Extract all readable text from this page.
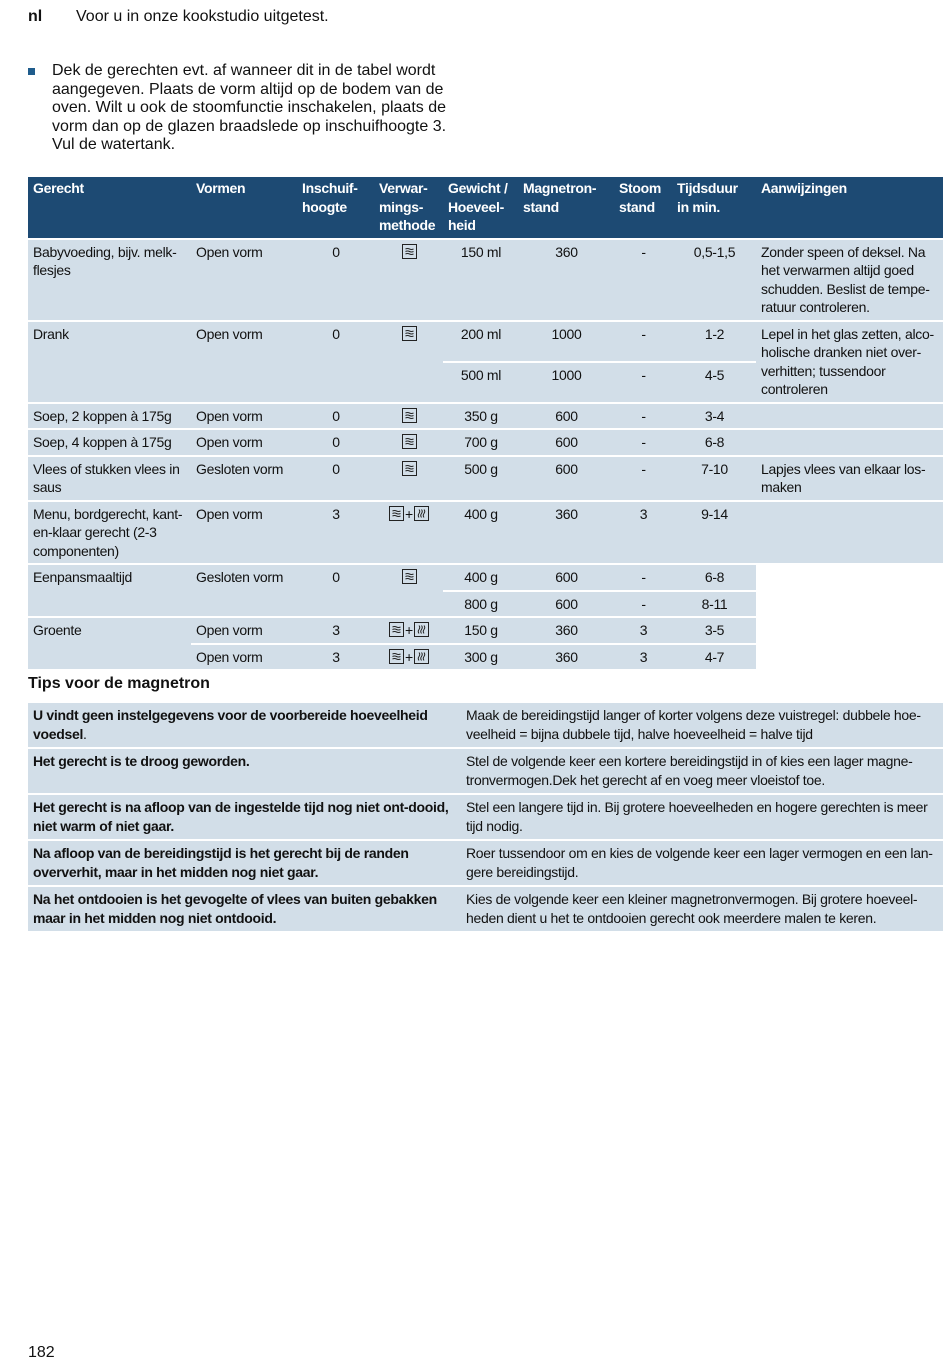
nl Voor u in onze kookstudio uitgetest.
Dek de gerechten evt. af wanneer dit in de tabel wordt aangegeven. Plaats de vorm altijd op de bodem van de oven. Wilt u ook de stoomfunctie inschakelen, plaats de vorm dan op de glazen braadslede op inschuifhoogte 3. Vul de watertank.
Gerecht	Vormen	Inschuif-hoogte	Verwar-mings-methode	Gewicht / Hoeveel-heid	Magnetron-stand	Stoom stand	Tijdsduur in min.	Aanwijzingen
Babyvoeding, bijv. melk-flesjes	Open vorm	0		150 ml	360	-	0,5-1,5	Zonder speen of deksel. Na het verwarmen altijd goed schudden. Beslist de tempe-ratuur controleren.
Drank	Open vorm	0		200 ml	1000	-	1-2	Lepel in het glas zetten, alco-holische dranken niet over-verhitten; tussendoor controleren
				500 ml	1000	-	4-5	
Soep, 2 koppen à 175g	Open vorm	0		350 g	600	-	3-4	
Soep, 4 koppen à 175g	Open vorm	0		700 g	600	-	6-8	
Vlees of stukken vlees in saus	Gesloten vorm	0		500 g	600	-	7-10	Lapjes vlees van elkaar los-maken
Menu, bordgerecht, kant-en-klaar gerecht (2-3 componenten)	Open vorm	3	+	400 g	360	3	9-14	
Eenpansmaaltijd	Gesloten vorm	0		400 g	600	-	6-8	
				800 g	600	-	8-11	
Groente	Open vorm	3	+	150 g	360	3	3-5	
	Open vorm	3	+	300 g	360	3	4-7	
Tips voor de magnetron
U vindt geen instelgegevens voor de voorbereide hoeveelheid voedsel.	Maak de bereidingstijd langer of korter volgens deze vuistregel: dubbele hoe-veelheid = bijna dubbele tijd, halve hoeveelheid = halve tijd
Het gerecht is te droog geworden.	Stel de volgende keer een kortere bereidingstijd in of kies een lager magne-tronvermogen.Dek het gerecht af en voeg meer vloeistof toe.
Het gerecht is na afloop van de ingestelde tijd nog niet ont-dooid, niet warm of niet gaar.	Stel een langere tijd in. Bij grotere hoeveelheden en hogere gerechten is meer tijd nodig.
Na afloop van de bereidingstijd is het gerecht bij de randen oververhit, maar in het midden nog niet gaar.	Roer tussendoor om en kies de volgende keer een lager vermogen en een lan-gere bereidingstijd.
Na het ontdooien is het gevogelte of vlees van buiten gebakken maar in het midden nog niet ontdooid.	Kies de volgende keer een kleiner magnetronvermogen. Bij grotere hoeveel-heden dient u het te ontdooien gerecht ook meerdere malen te keren.
182
